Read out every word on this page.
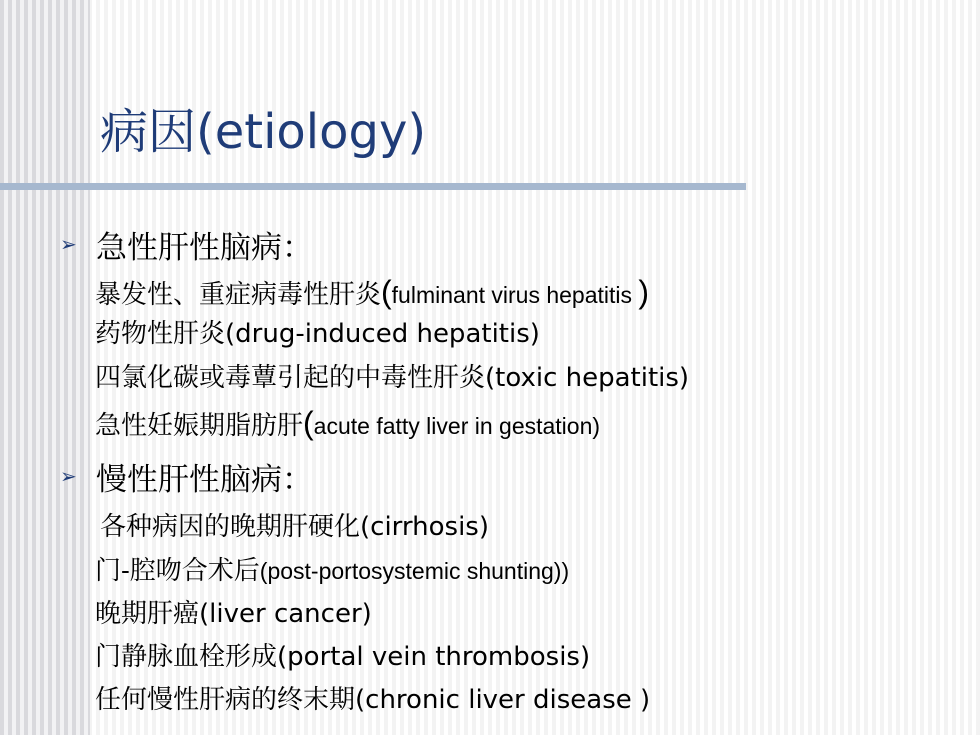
病因(etiology)
➢ 急性肝性脑病：
暴发性、重症病毒性肝炎(fulminant virus hepatitis )
药物性肝炎(drug-induced hepatitis)
四氯化碳或毒蕈引起的中毒性肝炎(toxic hepatitis)
急性妊娠期脂肪肝(acute fatty liver in gestation)
➢ 慢性肝性脑病：
各种病因的晚期肝硬化(cirrhosis)
门-腔吻合术后(post-portosystemic shunting))
晚期肝癌(liver cancer)
门静脉血栓形成(portal vein thrombosis)
任何慢性肝病的终末期(chronic liver disease )
